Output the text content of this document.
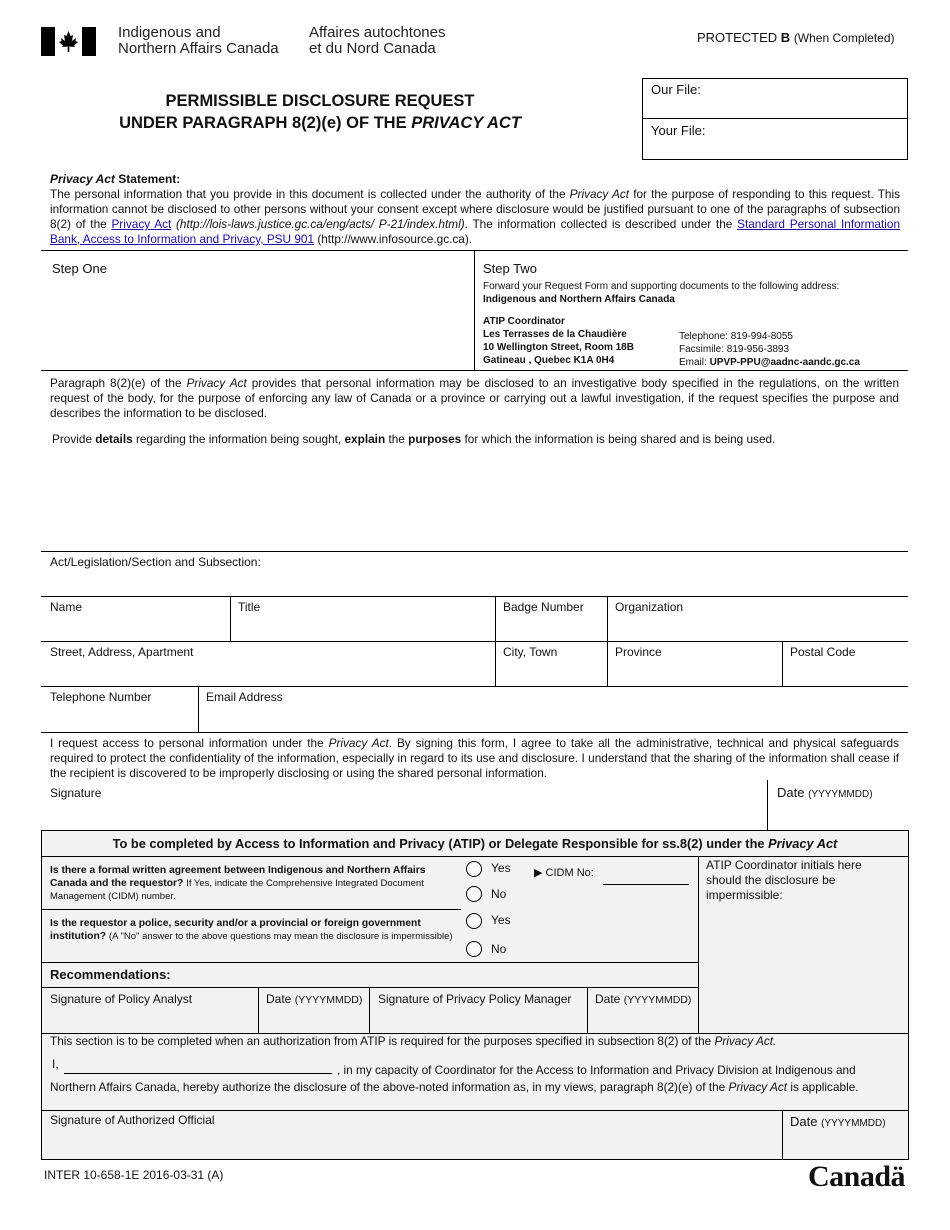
Indigenous and
Northern Affairs Canada
Affaires autochtones
et du Nord Canada
PROTECTED B (When Completed)
PERMISSIBLE DISCLOSURE REQUEST
UNDER PARAGRAPH 8(2)(e) OF THE PRIVACY ACT
Our File:
Your File:
Privacy Act Statement:
The personal information that you provide in this document is collected under the authority of the Privacy Act for the purpose of responding to this request. This information cannot be disclosed to other persons without your consent except where disclosure would be justified pursuant to one of the paragraphs of subsection 8(2) of the Privacy Act (http://lois-laws.justice.gc.ca/eng/acts/ P-21/index.html). The information collected is described under the Standard Personal Information Bank, Access to Information and Privacy, PSU 901 (http://www.infosource.gc.ca).
Step One	Step Two
Forward your Request Form and supporting documents to the following address:
Indigenous and Northern Affairs Canada
ATIP Coordinator
Les Terrasses de la Chaudière
10 Wellington Street, Room 18B
Gatineau , Quebec K1A 0H4
Telephone: 819-994-8055
Facsimile: 819-956-3893
Email: UPVP-PPU@aadnc-aandc.gc.ca
Paragraph 8(2)(e) of the Privacy Act provides that personal information may be disclosed to an investigative body specified in the regulations, on the written request of the body, for the purpose of enforcing any law of Canada or a province or carrying out a lawful investigation, if the request specifies the purpose and describes the information to be disclosed.
Provide details regarding the information being sought, explain the purposes for which the information is being shared and is being used.
Act/Legislation/Section and Subsection:
Name	Title	Badge Number	Organization
Street, Address, Apartment	City, Town	Province	Postal Code
Telephone Number	Email Address
I request access to personal information under the Privacy Act. By signing this form, I agree to take all the administrative, technical and physical safeguards required to protect the confidentiality of the information, especially in regard to its use and disclosure. I understand that the sharing of the information shall cease if the recipient is discovered to be improperly disclosing or using the shared personal information.
Signature	Date (YYYYMMDD)
To be completed by Access to Information and Privacy (ATIP) or Delegate Responsible for ss.8(2) under the Privacy Act
Is there a formal written agreement between Indigenous and Northern Affairs Canada and the requestor? If Yes, indicate the Comprehensive Integrated Document Management (CIDM) number.
Yes
No
▶ CIDM No:
Is the requestor a police, security and/or a provincial or foreign government institution? (A "No" answer to the above questions may mean the disclosure is impermissible)
Yes
No
ATIP Coordinator initials here should the disclosure be impermissible:
Recommendations:
Signature of Policy Analyst	Date (YYYYMMDD) Signature of Privacy Policy Manager Date (YYYYMMDD)
This section is to be completed when an authorization from ATIP is required for the purposes specified in subsection 8(2) of the Privacy Act.
I,	, in my capacity of Coordinator for the Access to Information and Privacy Division at Indigenous and
Northern Affairs Canada, hereby authorize the disclosure of the above-noted information as, in my views, paragraph 8(2)(e) of the Privacy Act is applicable.
Signature of Authorized Official	Date (YYYYMMDD)
INTER 10-658-1E 2016-03-31 (A)	Canadä
